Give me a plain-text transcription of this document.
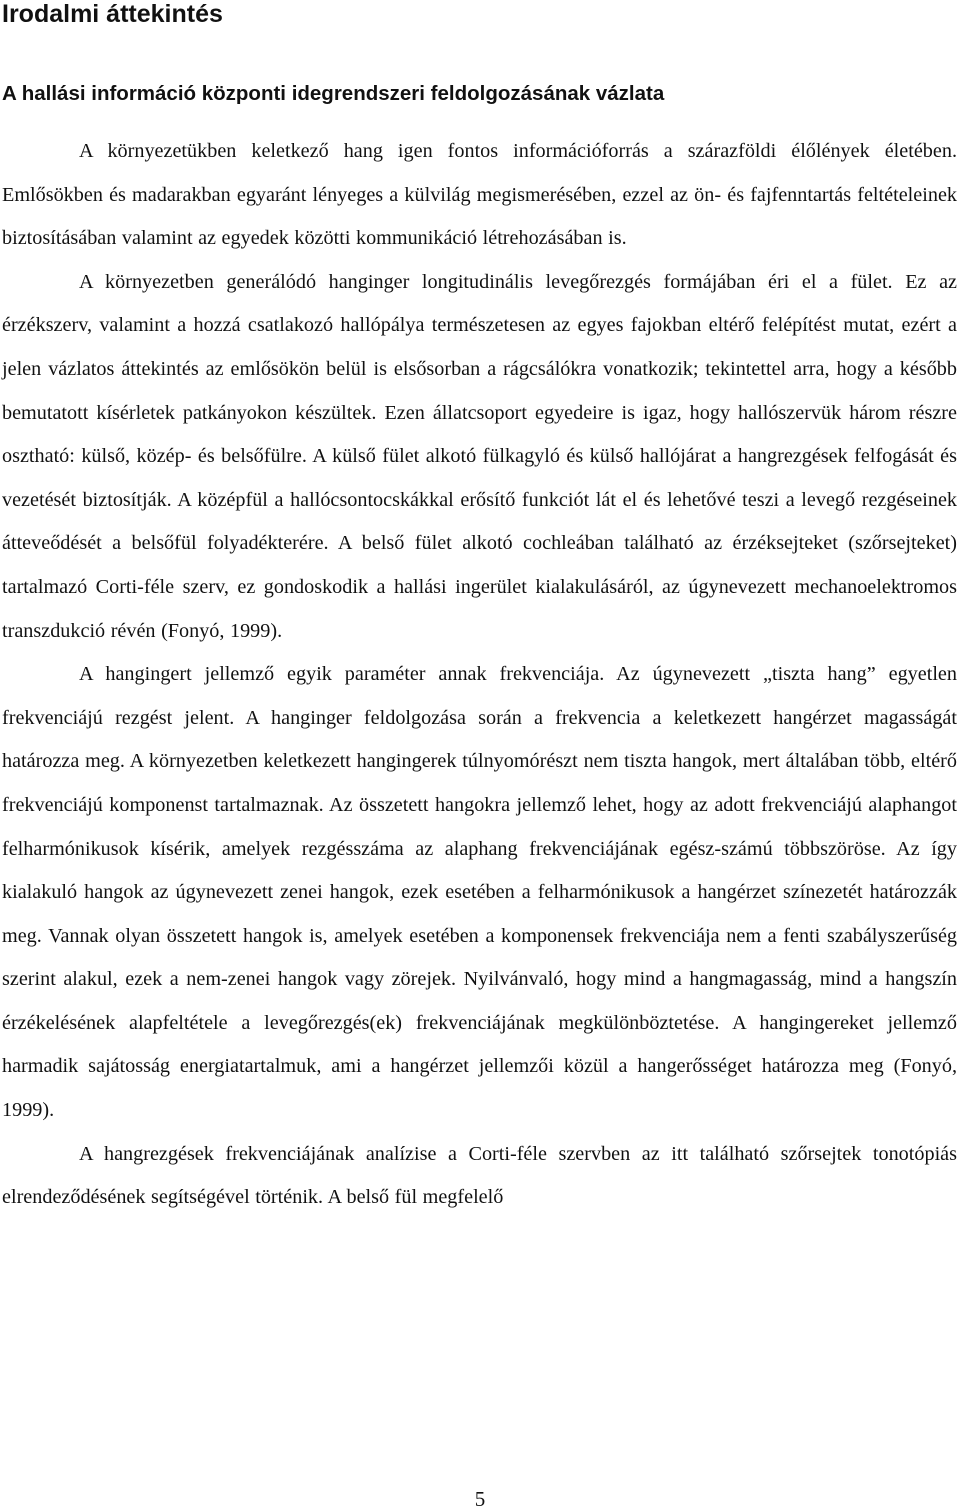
Irodalmi áttekintés
A hallási információ központi idegrendszeri feldolgozásának vázlata

A környezetükben keletkező hang igen fontos információforrás a szárazföldi élőlények életében. Emlősökben és madarakban egyaránt lényeges a külvilág megismerésében, ezzel az ön- és fajfenntartás feltételeinek biztosításában valamint az egyedek közötti kommunikáció létrehozásában is.

A környezetben generálódó hanginger longitudinális levegőrezgés formájában éri el a fület. Ez az érzékszerv, valamint a hozzá csatlakozó hallópálya természetesen az egyes fajokban eltérő felépítést mutat, ezért a jelen vázlatos áttekintés az emlősökön belül is elsősorban a rágcsálókra vonatkozik; tekintettel arra, hogy a később bemutatott kísérletek patkányokon készültek. Ezen állatcsoport egyedeire is igaz, hogy hallószervük három részre osztható: külső, közép- és belsőfülre. A külső fület alkotó fülkagyló és külső hallójárat a hangrezgések felfogását és vezetését biztosítják. A középfül a hallócsontocskákkal erősítő funkciót lát el és lehetővé teszi a levegő rezgéseinek átteveődését a belsőfül folyadékterére. A belső fület alkotó cochleában található az érzéksejteket (szőrsejteket) tartalmazó Corti-féle szerv, ez gondoskodik a hallási ingerület kialakulásáról, az úgynevezett mechanoelektromos transzdukció révén (Fonyó, 1999).

A hangingert jellemző egyik paraméter annak frekvenciája. Az úgynevezett „tiszta hang” egyetlen frekvenciájú rezgést jelent. A hanginger feldolgozása során a frekvencia a keletkezett hangérzet magasságát határozza meg. A környezetben keletkezett hangingerek túlnyomórészt nem tiszta hangok, mert általában több, eltérő frekvenciájú komponenst tartalmaznak. Az összetett hangokra jellemző lehet, hogy az adott frekvenciájú alaphangot felharmónikusok kísérik, amelyek rezgésszáma az alaphang frekvenciájának egész-számú többszöröse. Az így kialakuló hangok az úgynevezett zenei hangok, ezek esetében a felharmónikusok a hangérzet színezetét határozzák meg. Vannak olyan összetett hangok is, amelyek esetében a komponensek frekvenciája nem a fenti szabályszerűség szerint alakul, ezek a nem-zenei hangok vagy zörejek. Nyilvánvaló, hogy mind a hangmagasság, mind a hangszín érzékelésének alapfeltétele a levegőrezgés(ek) frekvenciájának megkülönböztetése. A hangingereket jellemző harmadik sajátosság energiatartalmuk, ami a hangérzet jellemzői közül a hangerősséget határozza meg (Fonyó, 1999).

A hangrezgések frekvenciájának analízise a Corti-féle szervben az itt található szőrsejtek tonotópiás elrendeződésének segítségével történik. A belső fül megfelelő

5
